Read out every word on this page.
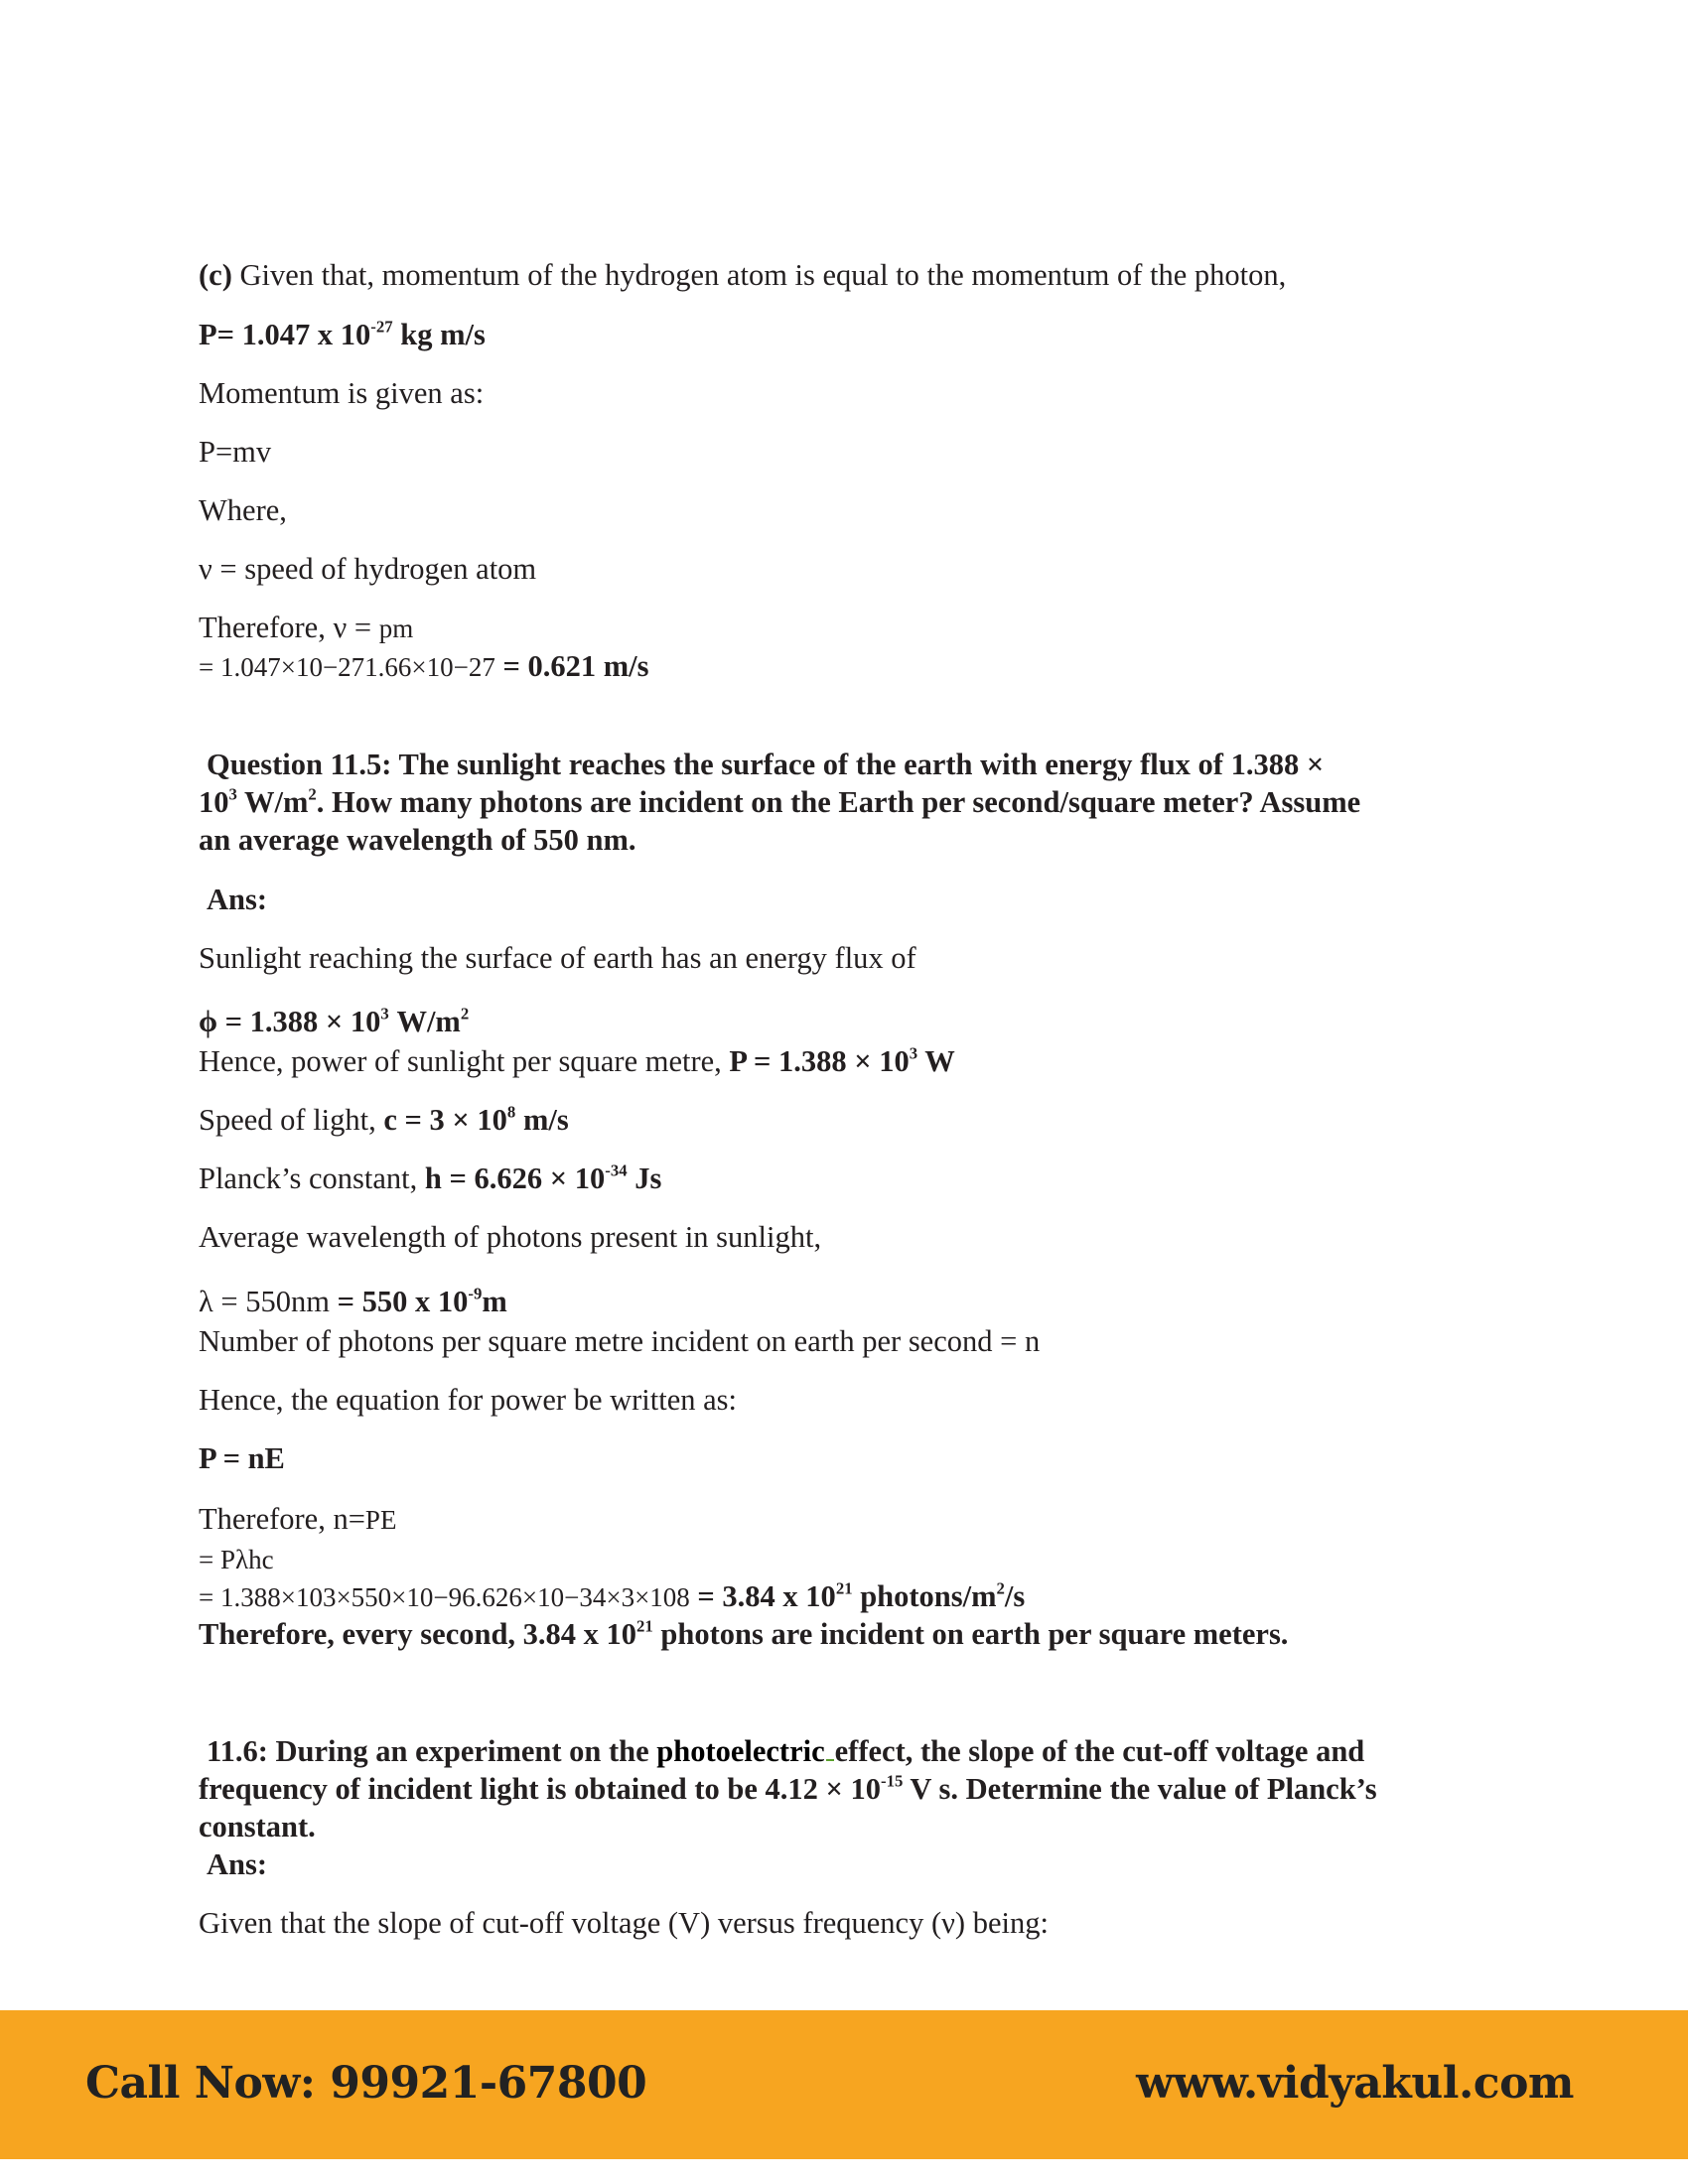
(c) Given that, momentum of the hydrogen atom is equal to the momentum of the photon,

P= 1.047 x $10^{-27}$ kg m/s

Momentum is given as:

P=mv

Where,

ν = speed of hydrogen atom

Therefore, ν = pm

= 1.047×10−271.66×10−27 = 0.621 m/s

Question 11.5: The sunlight reaches the surface of the earth with energy flux of 1.388 ×

$10^3$ $W/m^2$. How many photons are incident on the Earth per second/square meter? Assume

an average wavelength of 550 nm.

Ans:

Sunlight reaching the surface of earth has an energy flux of

$\phi = 1.388 \times 10^3$ $W/m^2$

Hence, power of sunlight per square metre, $P = 1.388 \times 10^3$ W

Speed of light, $c = 3 \times 10^8$ m/s

Planck’s constant, $h = 6.626 \times 10^{-34}$ Js

Average wavelength of photons present in sunlight,

λ = 550nm = 550 x $10^{-9}m$

Number of photons per square metre incident on earth per second = n

Hence, the equation for power be written as:

P = nE

Therefore, n=PE

= Pλhc

= 1.388×103×550×10−96.626×10−34×3×108 = 3.84 x $10^{21}$ photons/$m^2/s$

Therefore, every second, 3.84 x $10^{21}$ photons are incident on earth per square meters.

11.6: During an experiment on the photoelectric effect, the slope of the cut-off voltage and

frequency of incident light is obtained to be $4.12 \times 10^{-15}$ V s. Determine the value of Planck’s

constant.

Ans:

Given that the slope of cut-off voltage (V) versus frequency (ν) being:

Call Now: 99921-67800	www.vidyakul.com
